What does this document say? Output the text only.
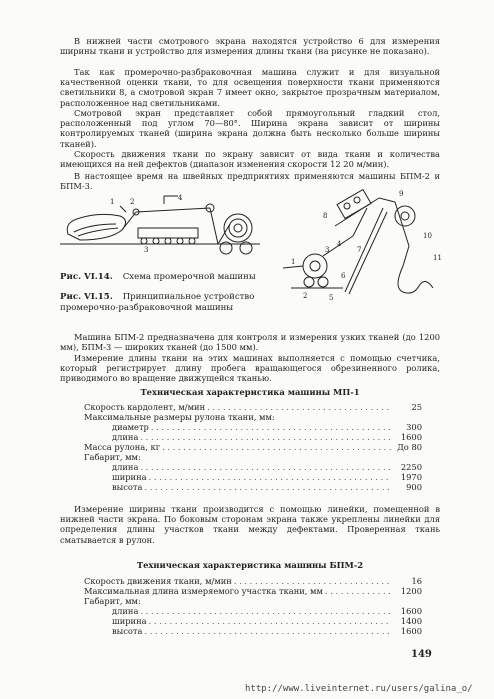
В нижней части смотрового экрана находятся устройство 6 для измерения ширины ткани и устройство для измерения длины ткани (на рисунке не показано).

Так как промерочно-разбраковочная машина служит и для визуальной качественной оценки ткани, то для освещения поверхности ткани применяются светильники 8, а смотровой экран 7 имеет окно, закрытое прозрачным материалом, расположенное над светильниками.

Смотровой экран представляет собой прямоугольный гладкий стол, расположенный под углом 70—80°. Ширина экрана зависит от ширины контролируемых тканей (ширина экрана должна быть несколько больше ширины тканей).

Скорость движения ткани по экрану зависит от вида ткани и количества имеющихся на ней дефектов (диапазон изменения скорости 12 20 м/мин).

В настоящее время на швейных предприятиях применяются машины БПМ-2 и БПМ-3.

1 2
3
4
1
2
3
4
5
6
7
8
9
10
11
Рис. VI.14. Схема промерочной машины
Рис. VI.15. Принципиальное устройство промерочно-разбраковочной машины

Машина БПМ-2 предназначена для контроля и измерения узких тканей (до 1200 мм), БПМ-3 — широких тканей (до 1500 мм).

Измерение длины ткани на этих машинах выполняется с помощью счетчика, который регистрирует длину пробега вращающегося обрезиненного ролика, приводимого во вращение движущейся тканью.

Техническая характеристика машины МП-1
Скорость кардолент, м/мин . . .	25
Максимальные размеры рулона ткани, мм:
диаметр . . .	300
длина . . .	1600
Масса рулона, кг . . .	До 80
Габарит, мм:
длина . . .	2250
ширина . . .	1970
высота . . .	900

Измерение ширины ткани производится с помощью линейки, помещенной в нижней части экрана. По боковым сторонам экрана также укреплены линейки для определения длины участков ткани между дефектами. Проверенная ткань сматывается в рулон.

Техническая характеристика машины БПМ-2
Скорость движения ткани, м/мин . . .	16
Максимальная длина измеряемого участка ткани, мм . . .	1200
Габарит, мм:
длина . . .	1600
ширина . . .	1400
высота . . .	1600
149
http://www.liveinternet.ru/users/galina_o/
